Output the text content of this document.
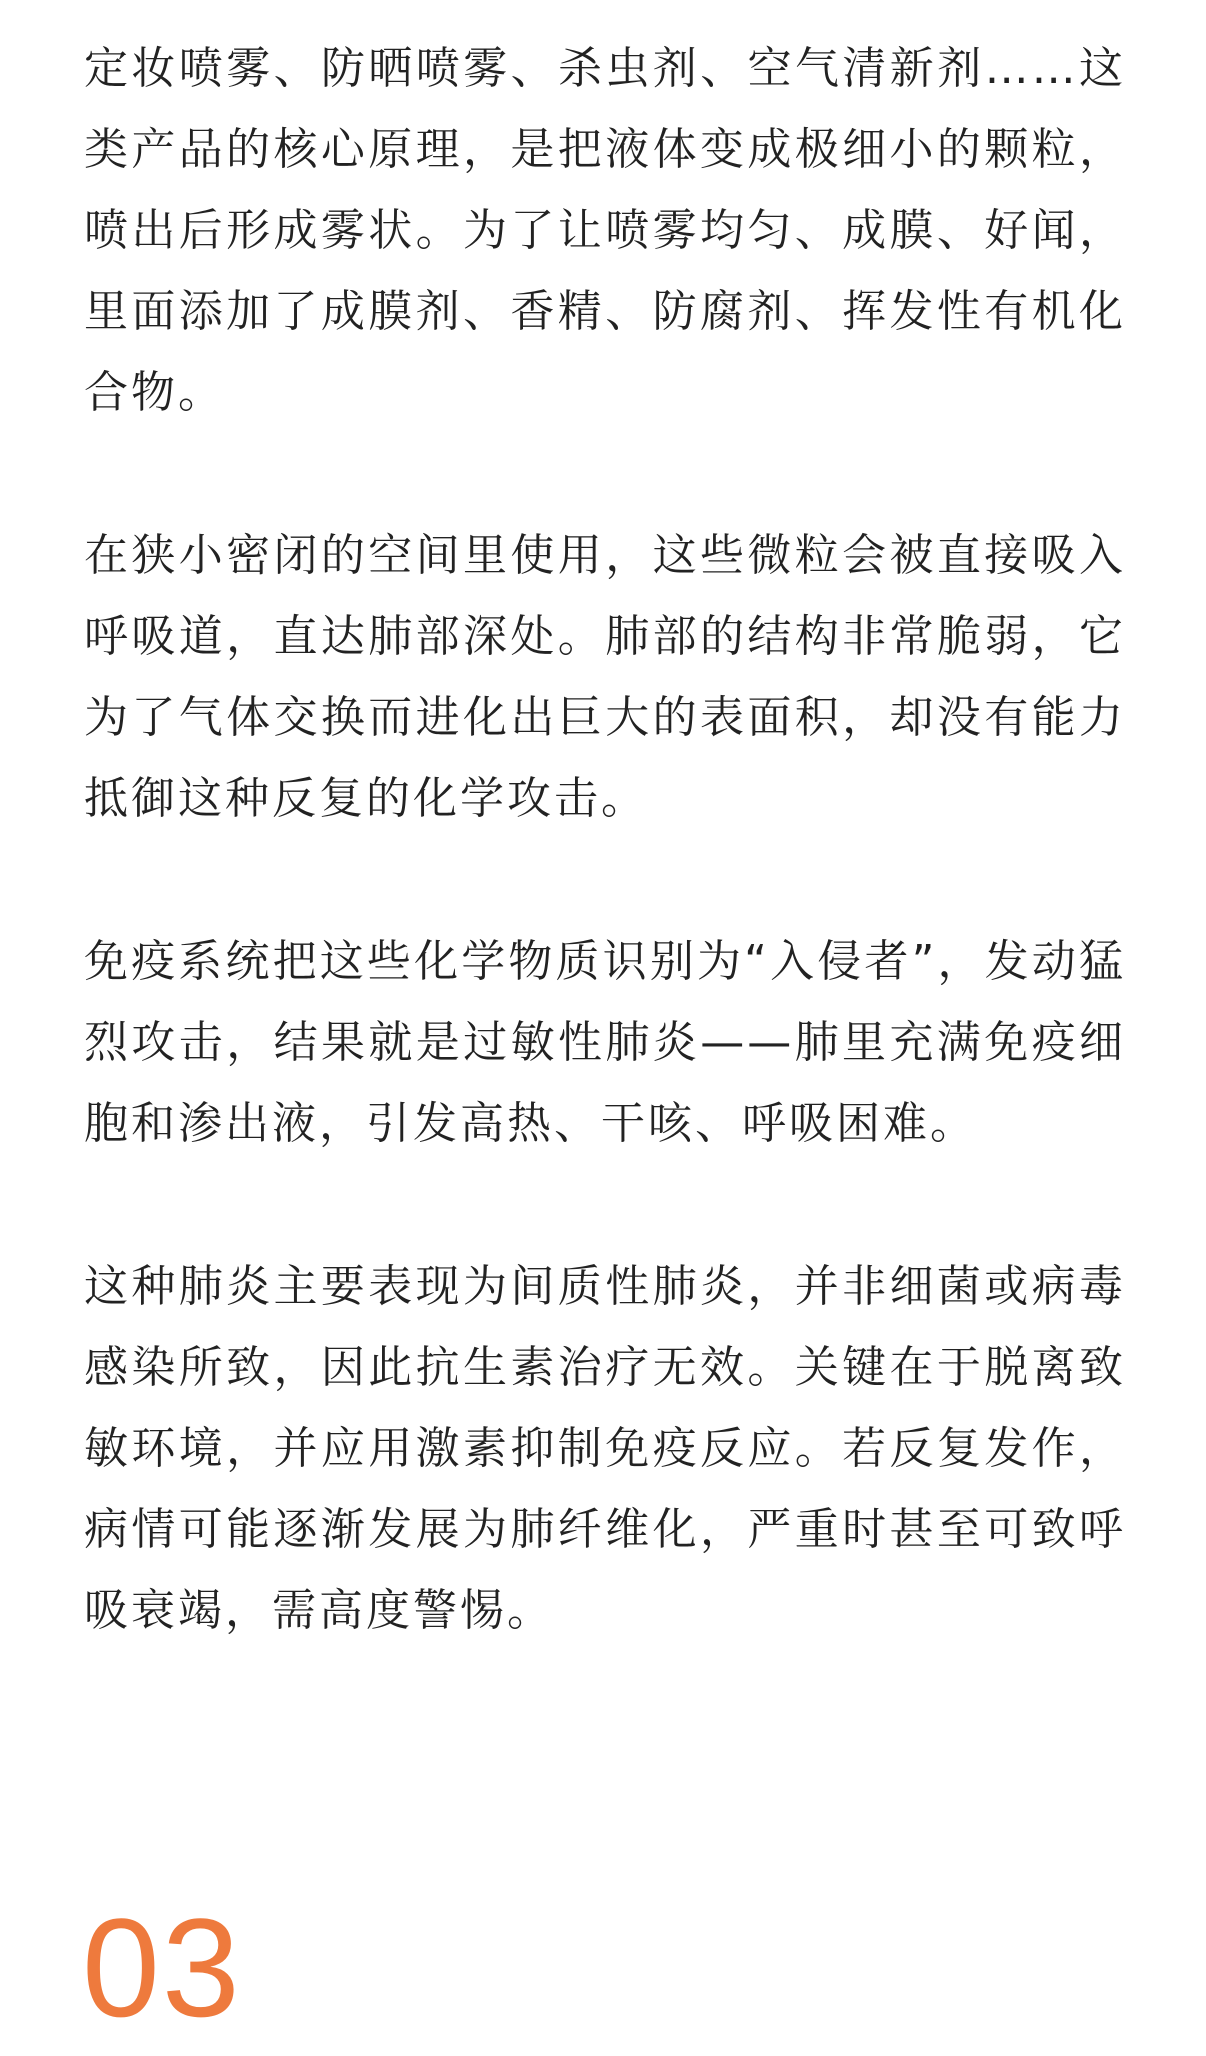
定妆喷雾、防晒喷雾、杀虫剂、空气清新剂……这类产品的核心原理，是把液体变成极细小的颗粒，喷出后形成雾状。为了让喷雾均匀、成膜、好闻，里面添加了成膜剂、香精、防腐剂、挥发性有机化合物。

在狭小密闭的空间里使用，这些微粒会被直接吸入呼吸道，直达肺部深处。肺部的结构非常脆弱，它为了气体交换而进化出巨大的表面积，却没有能力抵御这种反复的化学攻击。

免疫系统把这些化学物质识别为“入侵者”，发动猛烈攻击，结果就是过敏性肺炎——肺里充满免疫细胞和渗出液，引发高热、干咳、呼吸困难。

这种肺炎主要表现为间质性肺炎，并非细菌或病毒感染所致，因此抗生素治疗无效。关键在于脱离致敏环境，并应用激素抑制免疫反应。若反复发作，病情可能逐渐发展为肺纤维化，严重时甚至可致呼吸衰竭，需高度警惕。

03
